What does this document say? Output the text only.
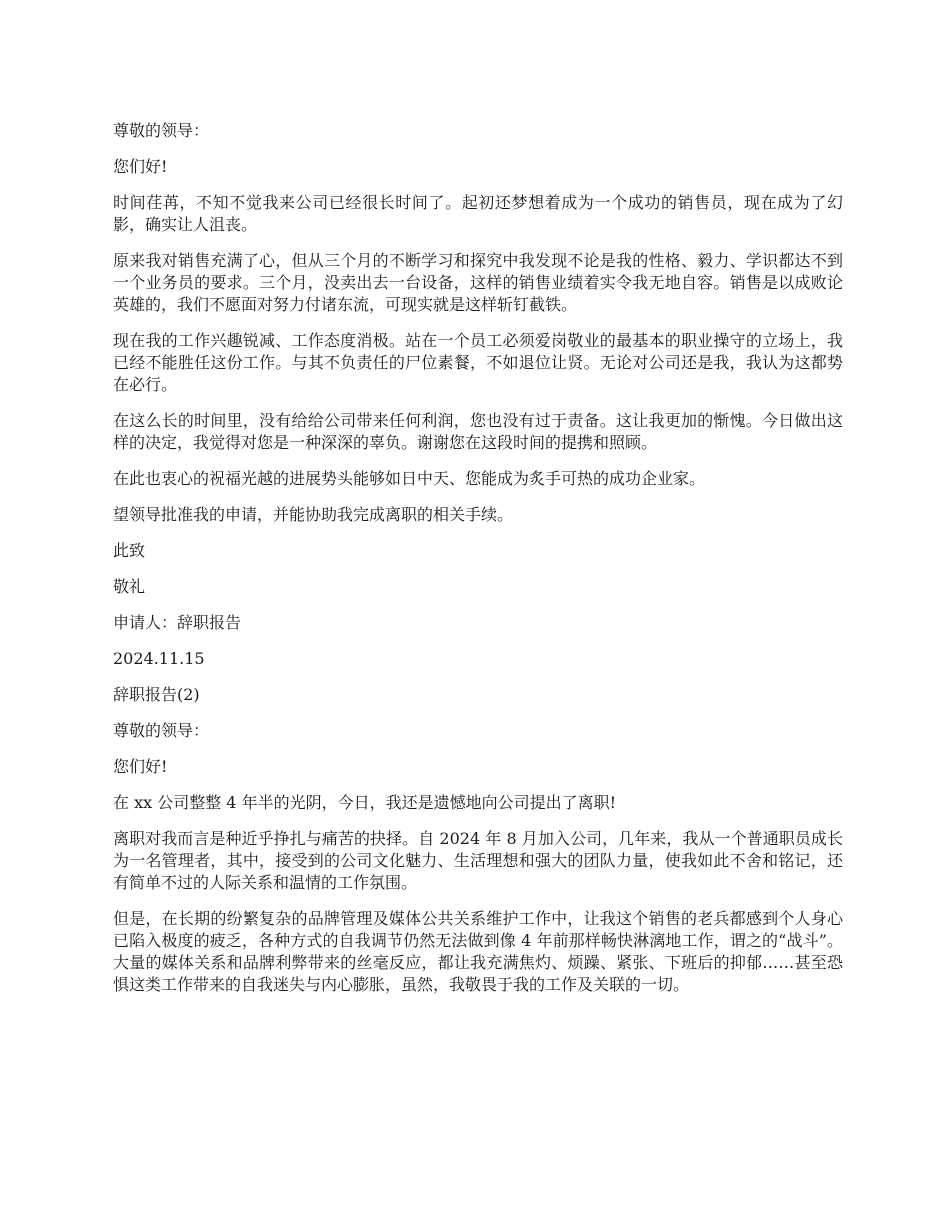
尊敬的领导：

您们好!

时间荏苒，不知不觉我来公司已经很长时间了。起初还梦想着成为一个成功的销售员，现在成为了幻影，确实让人沮丧。

原来我对销售充满了心，但从三个月的不断学习和探究中我发现不论是我的性格、毅力、学识都达不到一个业务员的要求。三个月，没卖出去一台设备，这样的销售业绩着实令我无地自容。销售是以成败论英雄的，我们不愿面对努力付诸东流，可现实就是这样斩钉截铁。

现在我的工作兴趣锐减、工作态度消极。站在一个员工必须爱岗敬业的最基本的职业操守的立场上，我已经不能胜任这份工作。与其不负责任的尸位素餐，不如退位让贤。无论对公司还是我，我认为这都势在必行。

在这么长的时间里，没有给给公司带来任何利润，您也没有过于责备。这让我更加的惭愧。今日做出这样的决定，我觉得对您是一种深深的辜负。谢谢您在这段时间的提携和照顾。

在此也衷心的祝福光越的进展势头能够如日中天、您能成为炙手可热的成功企业家。

望领导批准我的申请，并能协助我完成离职的相关手续。

此致

敬礼

申请人：辞职报告

2024.11.15

辞职报告(2)

尊敬的领导：

您们好!

在 xx 公司整整 4 年半的光阴，今日，我还是遗憾地向公司提出了离职!

离职对我而言是种近乎挣扎与痛苦的抉择。自 2024 年 8 月加入公司，几年来，我从一个普通职员成长为一名管理者，其中，接受到的公司文化魅力、生活理想和强大的团队力量，使我如此不舍和铭记，还有简单不过的人际关系和温情的工作氛围。

但是，在长期的纷繁复杂的品牌管理及媒体公共关系维护工作中，让我这个销售的老兵都感到个人身心已陷入极度的疲乏，各种方式的自我调节仍然无法做到像 4 年前那样畅快淋漓地工作，谓之的“战斗”。大量的媒体关系和品牌利弊带来的丝毫反应，都让我充满焦灼、烦躁、紧张、下班后的抑郁……甚至恐惧这类工作带来的自我迷失与内心膨胀，虽然，我敬畏于我的工作及关联的一切。
